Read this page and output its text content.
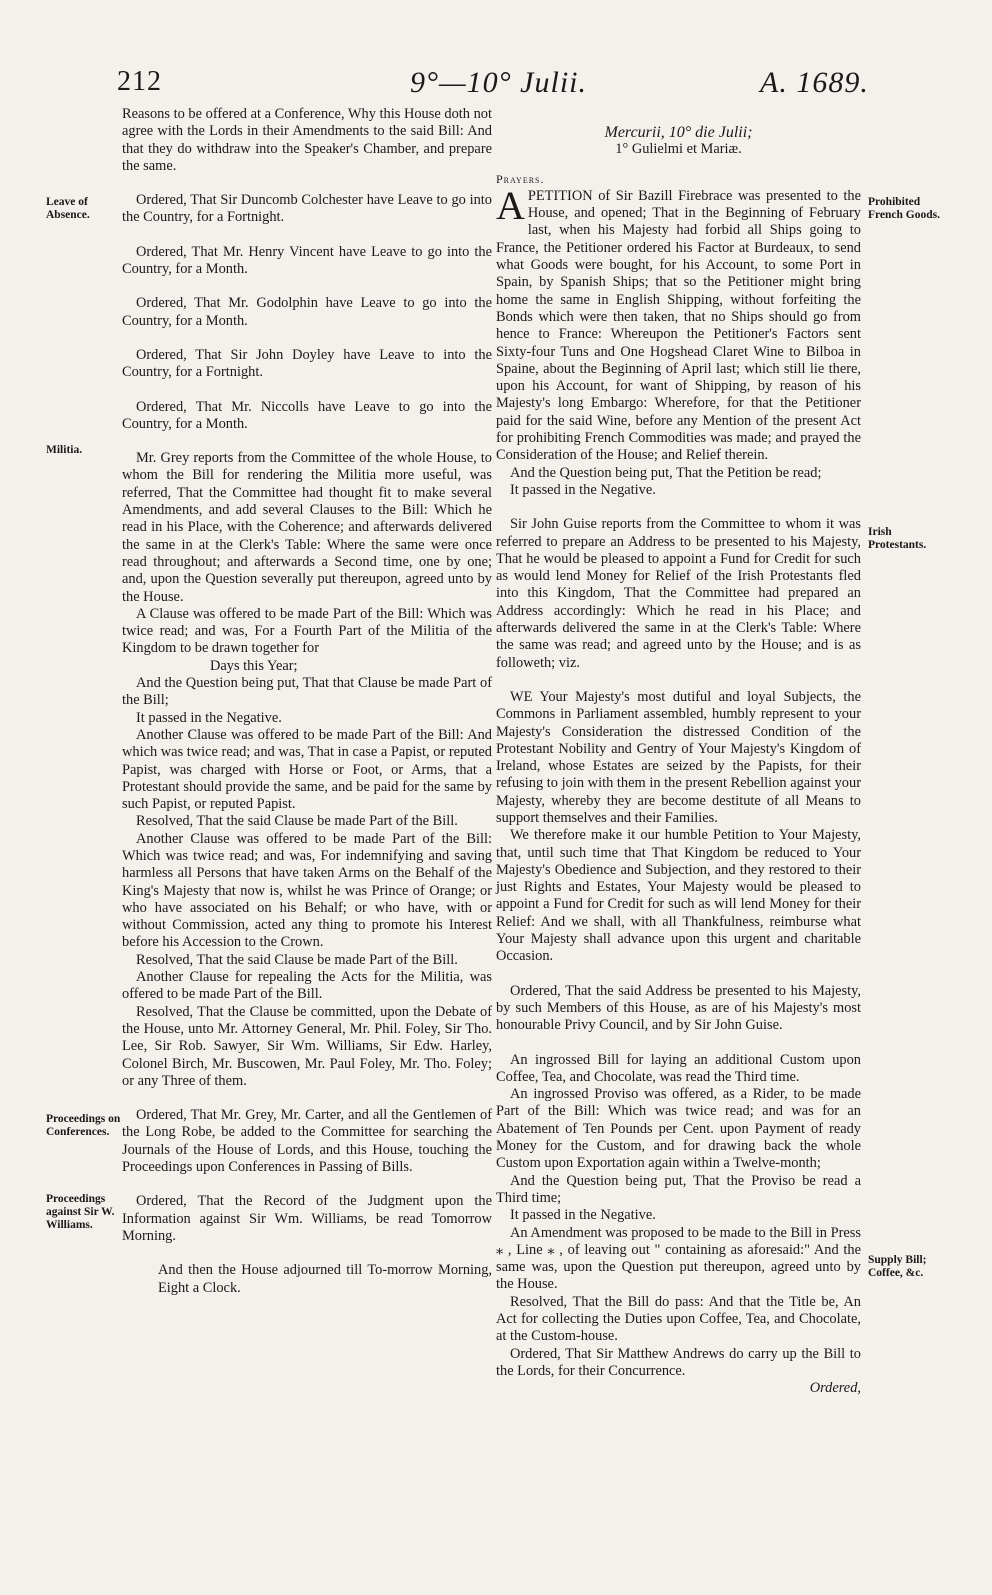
212	9°—10° Julii.	A. 1689.
Leave of Absence.
Militia.
Proceedings on Conferences.
Proceedings against Sir W. Williams.
Prohibited French Goods.
Irish Protestants.
Supply Bill; Coffee, &c.

Reasons to be offered at a Conference, Why this House doth not agree with the Lords in their Amendments to the said Bill: And that they do withdraw into the Speaker's Chamber, and prepare the same.

Ordered, That Sir Duncomb Colchester have Leave to go into the Country, for a Fortnight.

Ordered, That Mr. Henry Vincent have Leave to go into the Country, for a Month.

Ordered, That Mr. Godolphin have Leave to go into the Country, for a Month.

Ordered, That Sir John Doyley have Leave to into the Country, for a Fortnight.

Ordered, That Mr. Niccolls have Leave to go into the Country, for a Month.

Mr. Grey reports from the Committee of the whole House, to whom the Bill for rendering the Militia more useful, was referred, That the Committee had thought fit to make several Amendments, and add several Clauses to the Bill: Which he read in his Place, with the Coherence; and afterwards delivered the same in at the Clerk's Table: Where the same were once read throughout; and afterwards a Second time, one by one; and, upon the Question severally put thereupon, agreed unto by the House.

A Clause was offered to be made Part of the Bill: Which was twice read; and was, For a Fourth Part of the Militia of the Kingdom to be drawn together for

Days this Year;

And the Question being put, That that Clause be made Part of the Bill;

It passed in the Negative.

Another Clause was offered to be made Part of the Bill: And which was twice read; and was, That in case a Papist, or reputed Papist, was charged with Horse or Foot, or Arms, that a Protestant should provide the same, and be paid for the same by such Papist, or reputed Papist.

Resolved, That the said Clause be made Part of the Bill.

Another Clause was offered to be made Part of the Bill: Which was twice read; and was, For indemnifying and saving harmless all Persons that have taken Arms on the Behalf of the King's Majesty that now is, whilst he was Prince of Orange; or who have associated on his Behalf; or who have, with or without Commission, acted any thing to promote his Interest before his Accession to the Crown.

Resolved, That the said Clause be made Part of the Bill.

Another Clause for repealing the Acts for the Militia, was offered to be made Part of the Bill.

Resolved, That the Clause be committed, upon the Debate of the House, unto Mr. Attorney General, Mr. Phil. Foley, Sir Tho. Lee, Sir Rob. Sawyer, Sir Wm. Williams, Sir Edw. Harley, Colonel Birch, Mr. Buscowen, Mr. Paul Foley, Mr. Tho. Foley; or any Three of them.

Ordered, That Mr. Grey, Mr. Carter, and all the Gentlemen of the Long Robe, be added to the Committee for searching the Journals of the House of Lords, and this House, touching the Proceedings upon Conferences in Passing of Bills.

Ordered, That the Record of the Judgment upon the Information against Sir Wm. Williams, be read Tomorrow Morning.

And then the House adjourned till To-morrow Morning, Eight a Clock.

Mercurii, 10° die Julii;

1° Gulielmi et Mariæ.

Prayers.

APETITION of Sir Bazill Firebrace was presented to the House, and opened; That in the Beginning of February last, when his Majesty had forbid all Ships going to France, the Petitioner ordered his Factor at Burdeaux, to send what Goods were bought, for his Account, to some Port in Spain, by Spanish Ships; that so the Petitioner might bring home the same in English Shipping, without forfeiting the Bonds which were then taken, that no Ships should go from hence to France: Whereupon the Petitioner's Factors sent Sixty-four Tuns and One Hogshead Claret Wine to Bilboa in Spaine, about the Beginning of April last; which still lie there, upon his Account, for want of Shipping, by reason of his Majesty's long Embargo: Wherefore, for that the Petitioner paid for the said Wine, before any Mention of the present Act for prohibiting French Commodities was made; and prayed the Consideration of the House; and Relief therein.

And the Question being put, That the Petition be read;

It passed in the Negative.

Sir John Guise reports from the Committee to whom it was referred to prepare an Address to be presented to his Majesty, That he would be pleased to appoint a Fund for Credit for such as would lend Money for Relief of the Irish Protestants fled into this Kingdom, That the Committee had prepared an Address accordingly: Which he read in his Place; and afterwards delivered the same in at the Clerk's Table: Where the same was read; and agreed unto by the House; and is as followeth; viz.

WE Your Majesty's most dutiful and loyal Subjects, the Commons in Parliament assembled, humbly represent to your Majesty's Consideration the distressed Condition of the Protestant Nobility and Gentry of Your Majesty's Kingdom of Ireland, whose Estates are seized by the Papists, for their refusing to join with them in the present Rebellion against your Majesty, whereby they are become destitute of all Means to support themselves and their Families.

We therefore make it our humble Petition to Your Majesty, that, until such time that That Kingdom be reduced to Your Majesty's Obedience and Subjection, and they restored to their just Rights and Estates, Your Majesty would be pleased to appoint a Fund for Credit for such as will lend Money for their Relief: And we shall, with all Thankfulness, reimburse what Your Majesty shall advance upon this urgent and charitable Occasion.

Ordered, That the said Address be presented to his Majesty, by such Members of this House, as are of his Majesty's most honourable Privy Council, and by Sir John Guise.

An ingrossed Bill for laying an additional Custom upon Coffee, Tea, and Chocolate, was read the Third time.

An ingrossed Proviso was offered, as a Rider, to be made Part of the Bill: Which was twice read; and was for an Abatement of Ten Pounds per Cent. upon Payment of ready Money for the Custom, and for drawing back the whole Custom upon Exportation again within a Twelve-month;

And the Question being put, That the Proviso be read a Third time;

It passed in the Negative.

An Amendment was proposed to be made to the Bill in Press ⁎ , Line ⁎ , of leaving out " containing as aforesaid:" And the same was, upon the Question put thereupon, agreed unto by the House.

Resolved, That the Bill do pass: And that the Title be, An Act for collecting the Duties upon Coffee, Tea, and Chocolate, at the Custom-house.

Ordered, That Sir Matthew Andrews do carry up the Bill to the Lords, for their Concurrence.

Ordered,
